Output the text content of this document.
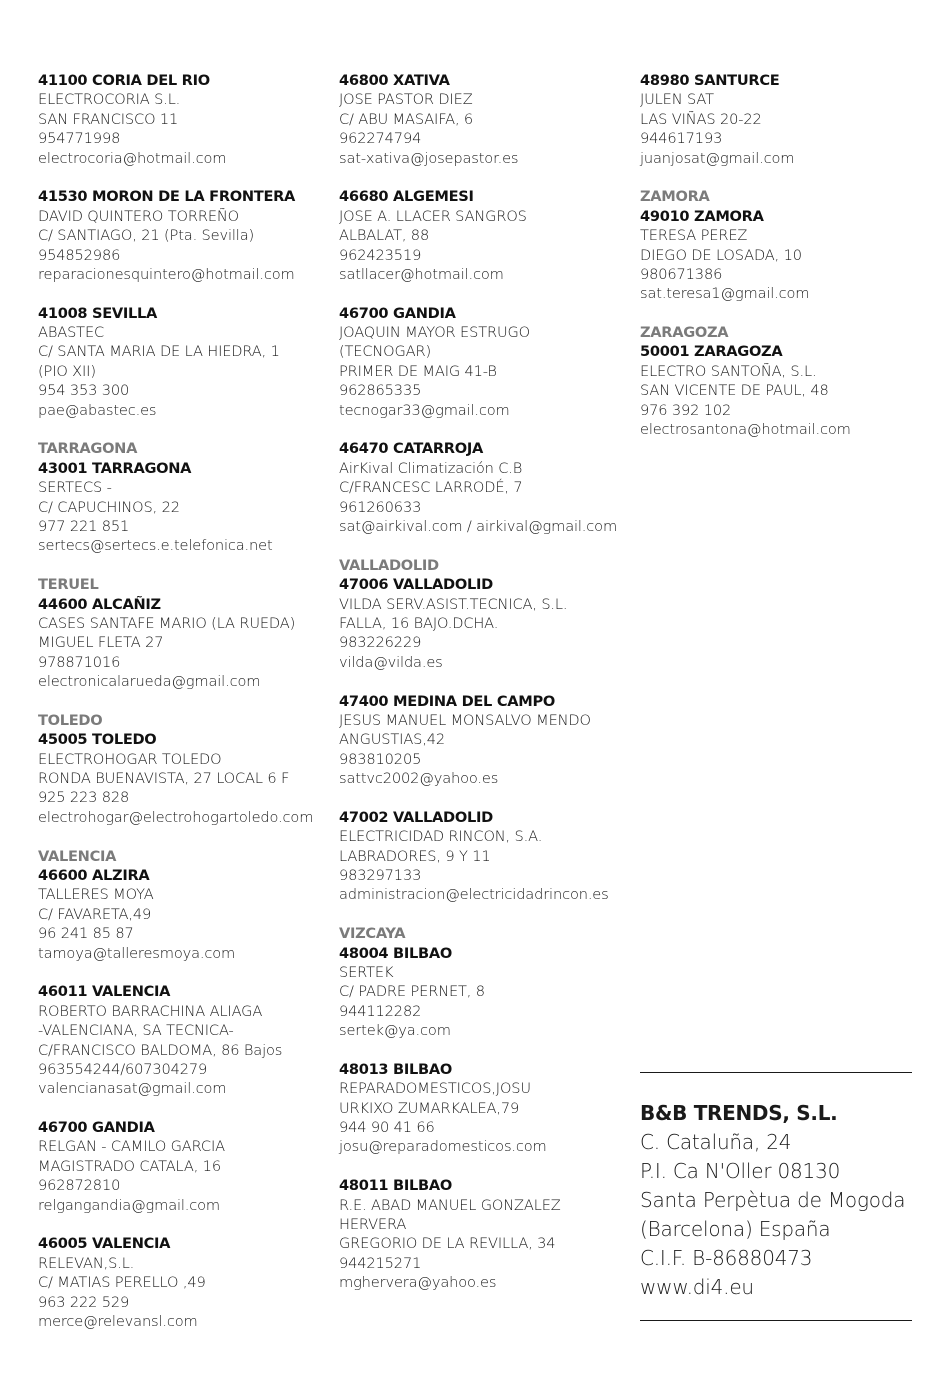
41100 CORIA DEL RIO
ELECTROCORIA S.L.
SAN FRANCISCO 11
954771998
electrocoria@hotmail.com
41530 MORON DE LA FRONTERA
DAVID QUINTERO TORREÑO
C/ SANTIAGO, 21 (Pta. Sevilla)
954852986
reparacionesquintero@hotmail.com
41008 SEVILLA
ABASTEC
C/ SANTA MARIA DE LA HIEDRA, 1
(PIO XII)
954 353 300
pae@abastec.es
TARRAGONA
43001 TARRAGONA
SERTECS -
C/ CAPUCHINOS, 22
977 221 851
sertecs@sertecs.e.telefonica.net
TERUEL
44600 ALCAÑIZ
CASES SANTAFE MARIO (LA RUEDA)
MIGUEL FLETA 27
978871016
electronicalarueda@gmail.com
TOLEDO
45005 TOLEDO
ELECTROHOGAR TOLEDO
RONDA BUENAVISTA, 27 LOCAL 6 F
925 223 828
electrohogar@electrohogartoledo.com
VALENCIA
46600 ALZIRA
TALLERES MOYA
C/ FAVARETA,49
96 241 85 87
tamoya@talleresmoya.com
46011 VALENCIA
ROBERTO BARRACHINA ALIAGA
-VALENCIANA, SA TECNICA-
C/FRANCISCO BALDOMA, 86 Bajos
963554244/607304279
valencianasat@gmail.com
46700 GANDIA
RELGAN - CAMILO GARCIA
MAGISTRADO CATALA, 16
962872810
relgangandia@gmail.com
46005 VALENCIA
RELEVAN,S.L.
C/ MATIAS PERELLO ,49
963 222 529
merce@relevansl.com
46800 XATIVA
JOSE PASTOR DIEZ
C/ ABU MASAIFA, 6
962274794
sat-xativa@josepastor.es
46680 ALGEMESI
JOSE A. LLACER SANGROS
ALBALAT, 88
962423519
satllacer@hotmail.com
46700 GANDIA
JOAQUIN MAYOR ESTRUGO
(TECNOGAR)
PRIMER DE MAIG 41-B
962865335
tecnogar33@gmail.com
46470 CATARROJA
AirKival Climatización C.B
C/FRANCESC LARRODÉ, 7
961260633
sat@airkival.com / airkival@gmail.com
VALLADOLID
47006 VALLADOLID
VILDA SERV.ASIST.TECNICA, S.L.
FALLA, 16 BAJO.DCHA.
983226229
vilda@vilda.es
47400 MEDINA DEL CAMPO
JESUS MANUEL MONSALVO MENDO
ANGUSTIAS,42
983810205
sattvc2002@yahoo.es
47002 VALLADOLID
ELECTRICIDAD RINCON, S.A.
LABRADORES, 9 Y 11
983297133
administracion@electricidadrincon.es
VIZCAYA
48004 BILBAO
SERTEK
C/ PADRE PERNET, 8
944112282
sertek@ya.com
48013 BILBAO
REPARADOMESTICOS,JOSU
URKIXO ZUMARKALEA,79
944 90 41 66
josu@reparadomesticos.com
48011 BILBAO
R.E. ABAD MANUEL GONZALEZ
HERVERA
GREGORIO DE LA REVILLA, 34
944215271
mghervera@yahoo.es
48980 SANTURCE
JULEN SAT
LAS VIÑAS 20-22
944617193
juanjosat@gmail.com
ZAMORA
49010 ZAMORA
TERESA PEREZ
DIEGO DE LOSADA, 10
980671386
sat.teresa1@gmail.com
ZARAGOZA
50001 ZARAGOZA
ELECTRO SANTOÑA, S.L.
SAN VICENTE DE PAUL, 48
976 392 102
electrosantona@hotmail.com
B&B TRENDS, S.L.
C. Cataluña, 24
P.I. Ca N'Oller 08130
Santa Perpètua de Mogoda
(Barcelona) España
C.I.F. B-86880473
www.di4.eu
